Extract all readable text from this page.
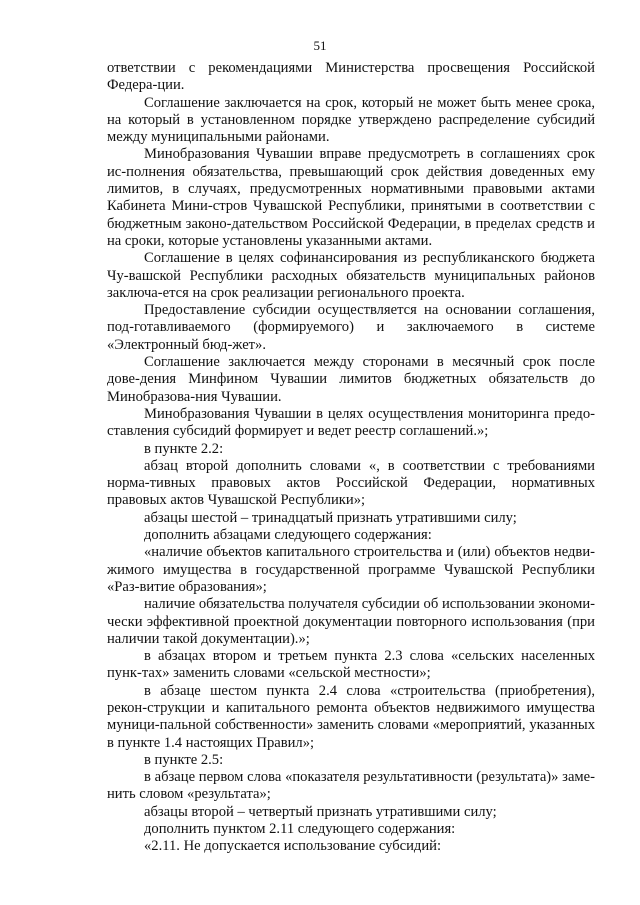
51

ответствии с рекомендациями Министерства просвещения Российской Федера-ции.

Соглашение заключается на срок, который не может быть менее срока, на который в установленном порядке утверждено распределение субсидий между муниципальными районами.

Минобразования Чувашии вправе предусмотреть в соглашениях срок ис-полнения обязательства, превышающий срок действия доведенных ему лимитов, в случаях, предусмотренных нормативными правовыми актами Кабинета Мини-стров Чувашской Республики, принятыми в соответствии с бюджетным законо-дательством Российской Федерации, в пределах средств и на сроки, которые установлены указанными актами.

Соглашение в целях софинансирования из республиканского бюджета Чу-вашской Республики расходных обязательств муниципальных районов заключа-ется на срок реализации регионального проекта.

Предоставление субсидии осуществляется на основании соглашения, под-готавливаемого (формируемого) и заключаемого в системе «Электронный бюд-жет».

Соглашение заключается между сторонами в месячный срок после дове-дения Минфином Чувашии лимитов бюджетных обязательств до Минобразова-ния Чувашии.

Минобразования Чувашии в целях осуществления мониторинга предо-ставления субсидий формирует и ведет реестр соглашений.»;

в пункте 2.2:

абзац второй дополнить словами «, в соответствии с требованиями норма-тивных правовых актов Российской Федерации, нормативных правовых актов Чувашской Республики»;

абзацы шестой – тринадцатый признать утратившими силу;

дополнить абзацами следующего содержания:

«наличие объектов капитального строительства и (или) объектов недви-жимого имущества в государственной программе Чувашской Республики «Раз-витие образования»;

наличие обязательства получателя субсидии об использовании экономи-чески эффективной проектной документации повторного использования (при наличии такой документации).»;

в абзацах втором и третьем пункта 2.3 слова «сельских населенных пунк-тах» заменить словами «сельской местности»;

в абзаце шестом пункта 2.4 слова «строительства (приобретения), рекон-струкции и капитального ремонта объектов недвижимого имущества муници-пальной собственности» заменить словами «мероприятий, указанных в пункте 1.4 настоящих Правил»;

в пункте 2.5:

в абзаце первом слова «показателя результативности (результата)» заме-нить словом «результата»;

абзацы второй – четвертый признать утратившими силу;

дополнить пунктом 2.11 следующего содержания:

«2.11. Не допускается использование субсидий:
